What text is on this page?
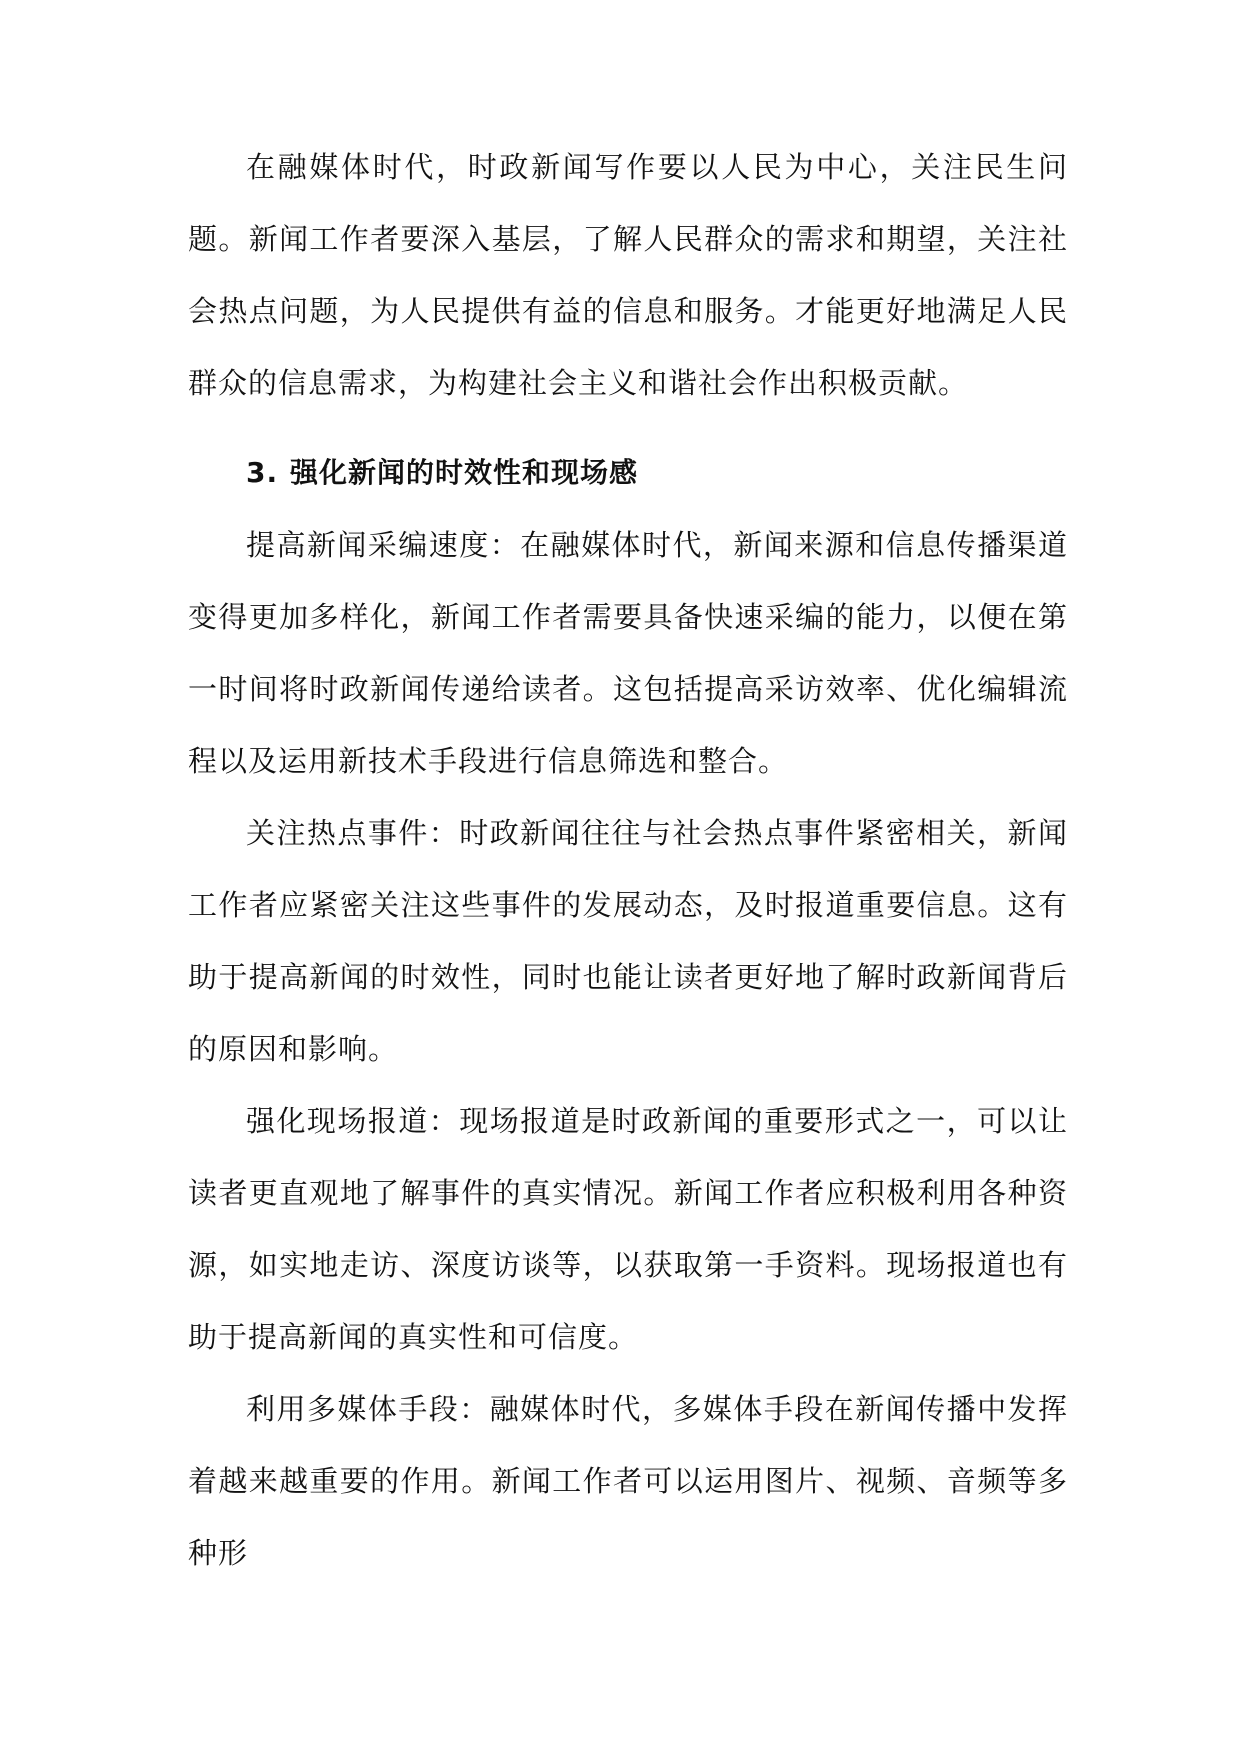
在融媒体时代，时政新闻写作要以人民为中心，关注民生问题。新闻工作者要深入基层，了解人民群众的需求和期望，关注社会热点问题，为人民提供有益的信息和服务。才能更好地满足人民群众的信息需求，为构建社会主义和谐社会作出积极贡献。

3. 强化新闻的时效性和现场感

提高新闻采编速度：在融媒体时代，新闻来源和信息传播渠道变得更加多样化，新闻工作者需要具备快速采编的能力，以便在第一时间将时政新闻传递给读者。这包括提高采访效率、优化编辑流程以及运用新技术手段进行信息筛选和整合。

关注热点事件：时政新闻往往与社会热点事件紧密相关，新闻工作者应紧密关注这些事件的发展动态，及时报道重要信息。这有助于提高新闻的时效性，同时也能让读者更好地了解时政新闻背后的原因和影响。

强化现场报道：现场报道是时政新闻的重要形式之一，可以让读者更直观地了解事件的真实情况。新闻工作者应积极利用各种资源，如实地走访、深度访谈等，以获取第一手资料。现场报道也有助于提高新闻的真实性和可信度。

利用多媒体手段：融媒体时代，多媒体手段在新闻传播中发挥着越来越重要的作用。新闻工作者可以运用图片、视频、音频等多种形
